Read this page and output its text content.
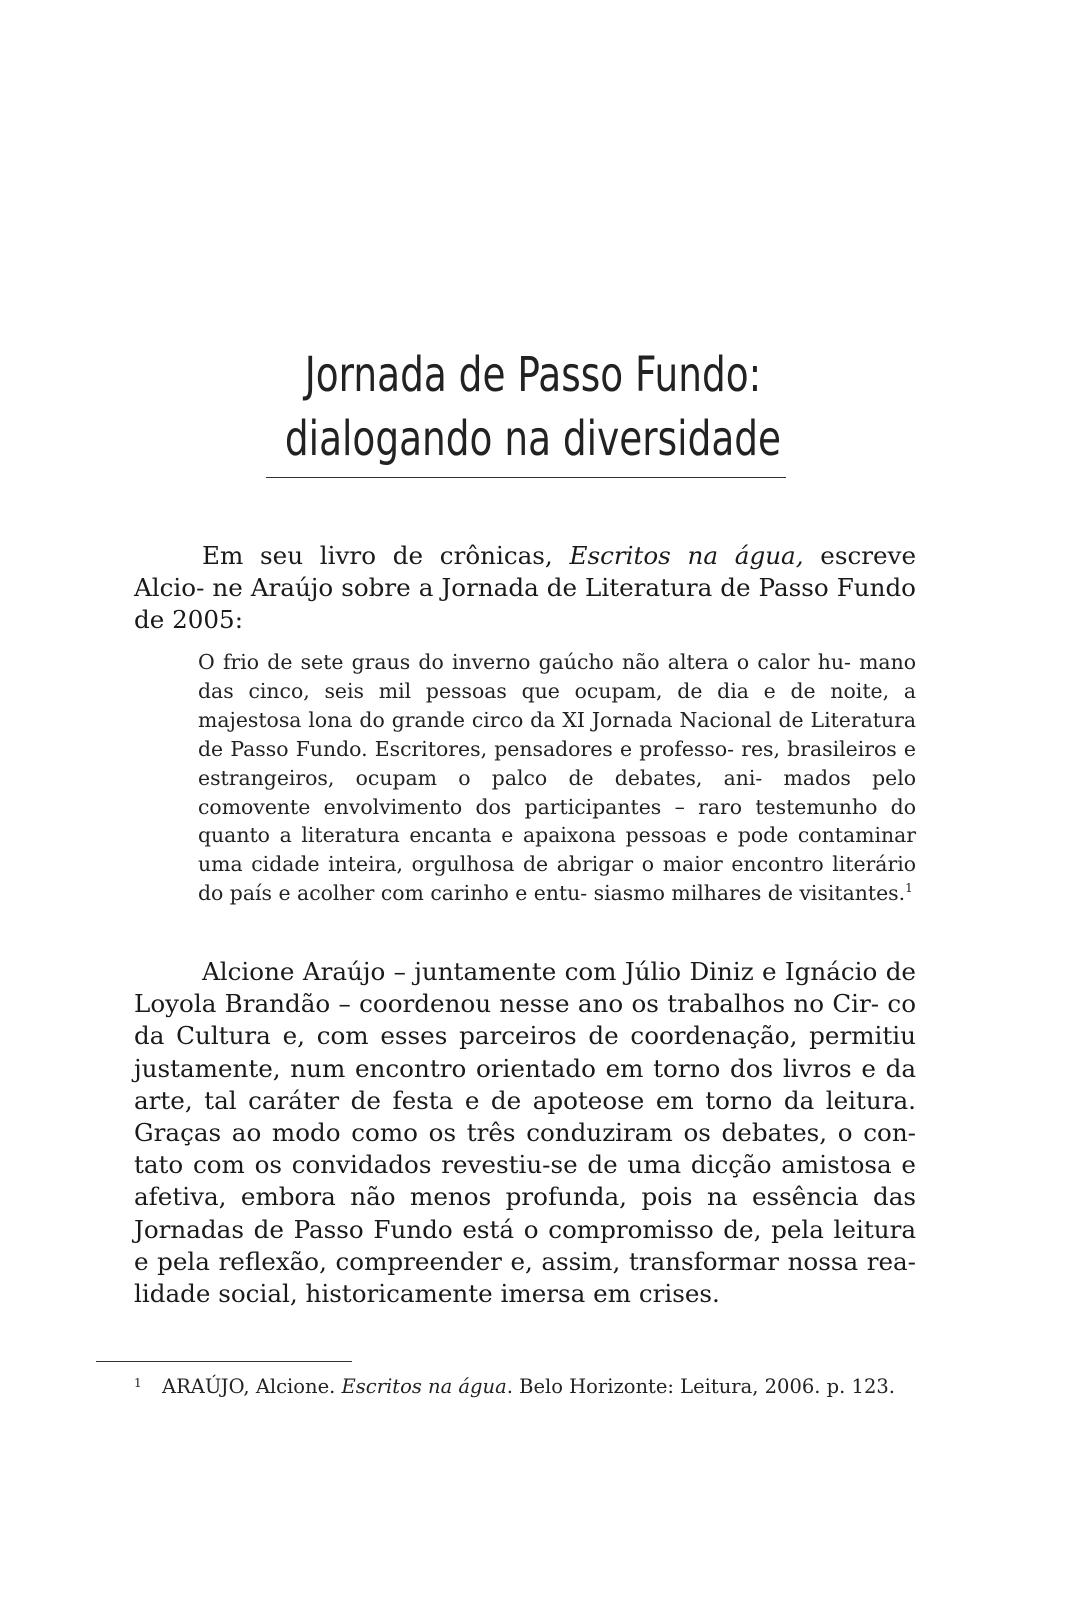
Jornada de Passo Fundo:
dialogando na diversidade

Em seu livro de crônicas, Escritos na água, escreve Alcio- ne Araújo sobre a Jornada de Literatura de Passo Fundo de 2005:

O frio de sete graus do inverno gaúcho não altera o calor hu- mano das cinco, seis mil pessoas que ocupam, de dia e de noite, a majestosa lona do grande circo da XI Jornada Nacional de Literatura de Passo Fundo. Escritores, pensadores e professo- res, brasileiros e estrangeiros, ocupam o palco de debates, ani- mados pelo comovente envolvimento dos participantes – raro testemunho do quanto a literatura encanta e apaixona pessoas e pode contaminar uma cidade inteira, orgulhosa de abrigar o maior encontro literário do país e acolher com carinho e entu- siasmo milhares de visitantes.$^1$

Alcione Araújo – juntamente com Júlio Diniz e Ignácio de Loyola Brandão – coordenou nesse ano os trabalhos no Cir- co da Cultura e, com esses parceiros de coordenação, permitiu justamente, num encontro orientado em torno dos livros e da arte, tal caráter de festa e de apoteose em torno da leitura. Graças ao modo como os três conduziram os debates, o con- tato com os convidados revestiu-se de uma dicção amistosa e afetiva, embora não menos profunda, pois na essência das Jornadas de Passo Fundo está o compromisso de, pela leitura e pela reflexão, compreender e, assim, transformar nossa rea- lidade social, historicamente imersa em crises.

1 ARAÚJO, Alcione. Escritos na água. Belo Horizonte: Leitura, 2006. p. 123.
